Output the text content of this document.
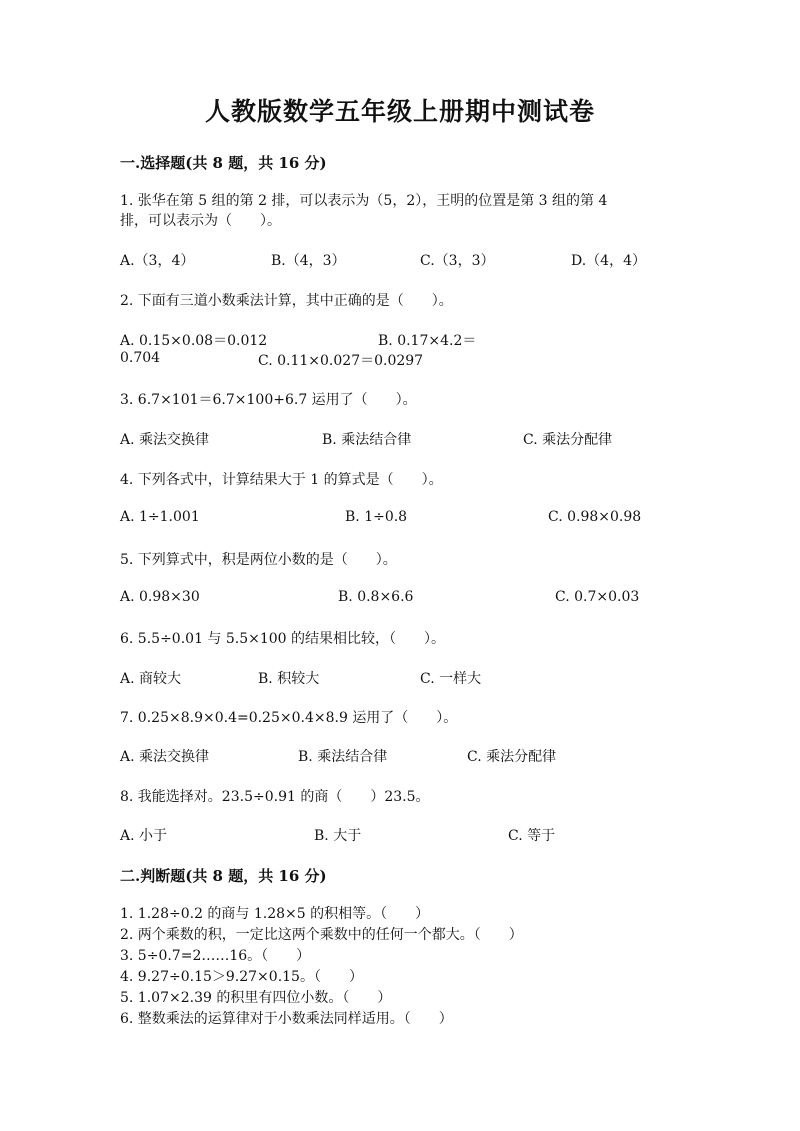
人教版数学五年级上册期中测试卷
一.选择题(共 8 题，共 16 分)
1. 张华在第 5 组的第 2 排，可以表示为（5，2），王明的位置是第 3 组的第 4
排，可以表示为（　　）。
A.（3，4）	B.（4，3）	C.（3，3）	D.（4，4）
2. 下面有三道小数乘法计算，其中正确的是（　　）。
A. 0.15×0.08＝0.012	B. 0.17×4.2＝
0.704	C. 0.11×0.027＝0.0297
3. 6.7×101＝6.7×100+6.7 运用了（　　）。
A. 乘法交换律	B. 乘法结合律	C. 乘法分配律
4. 下列各式中，计算结果大于 1 的算式是（　　）。
A. 1÷1.001	B. 1÷0.8	C. 0.98×0.98
5. 下列算式中，积是两位小数的是（　　）。
A. 0.98×30	B. 0.8×6.6	C. 0.7×0.03
6. 5.5÷0.01 与 5.5×100 的结果相比较，（　　）。
A. 商较大	B. 积较大	C. 一样大
7. 0.25×8.9×0.4=0.25×0.4×8.9 运用了（　　）。
A. 乘法交换律	B. 乘法结合律	C. 乘法分配律
8. 我能选择对。23.5÷0.91 的商（　　）23.5。
A. 小于	B. 大于	C. 等于
二.判断题(共 8 题，共 16 分)
1. 1.28÷0.2 的商与 1.28×5 的积相等。（　　）
2. 两个乘数的积，一定比这两个乘数中的任何一个都大。（　　）
3. 5÷0.7=2……16。（　　）
4. 9.27÷0.15＞9.27×0.15。（　　）
5. 1.07×2.39 的积里有四位小数。（　　）
6. 整数乘法的运算律对于小数乘法同样适用。（　　）
